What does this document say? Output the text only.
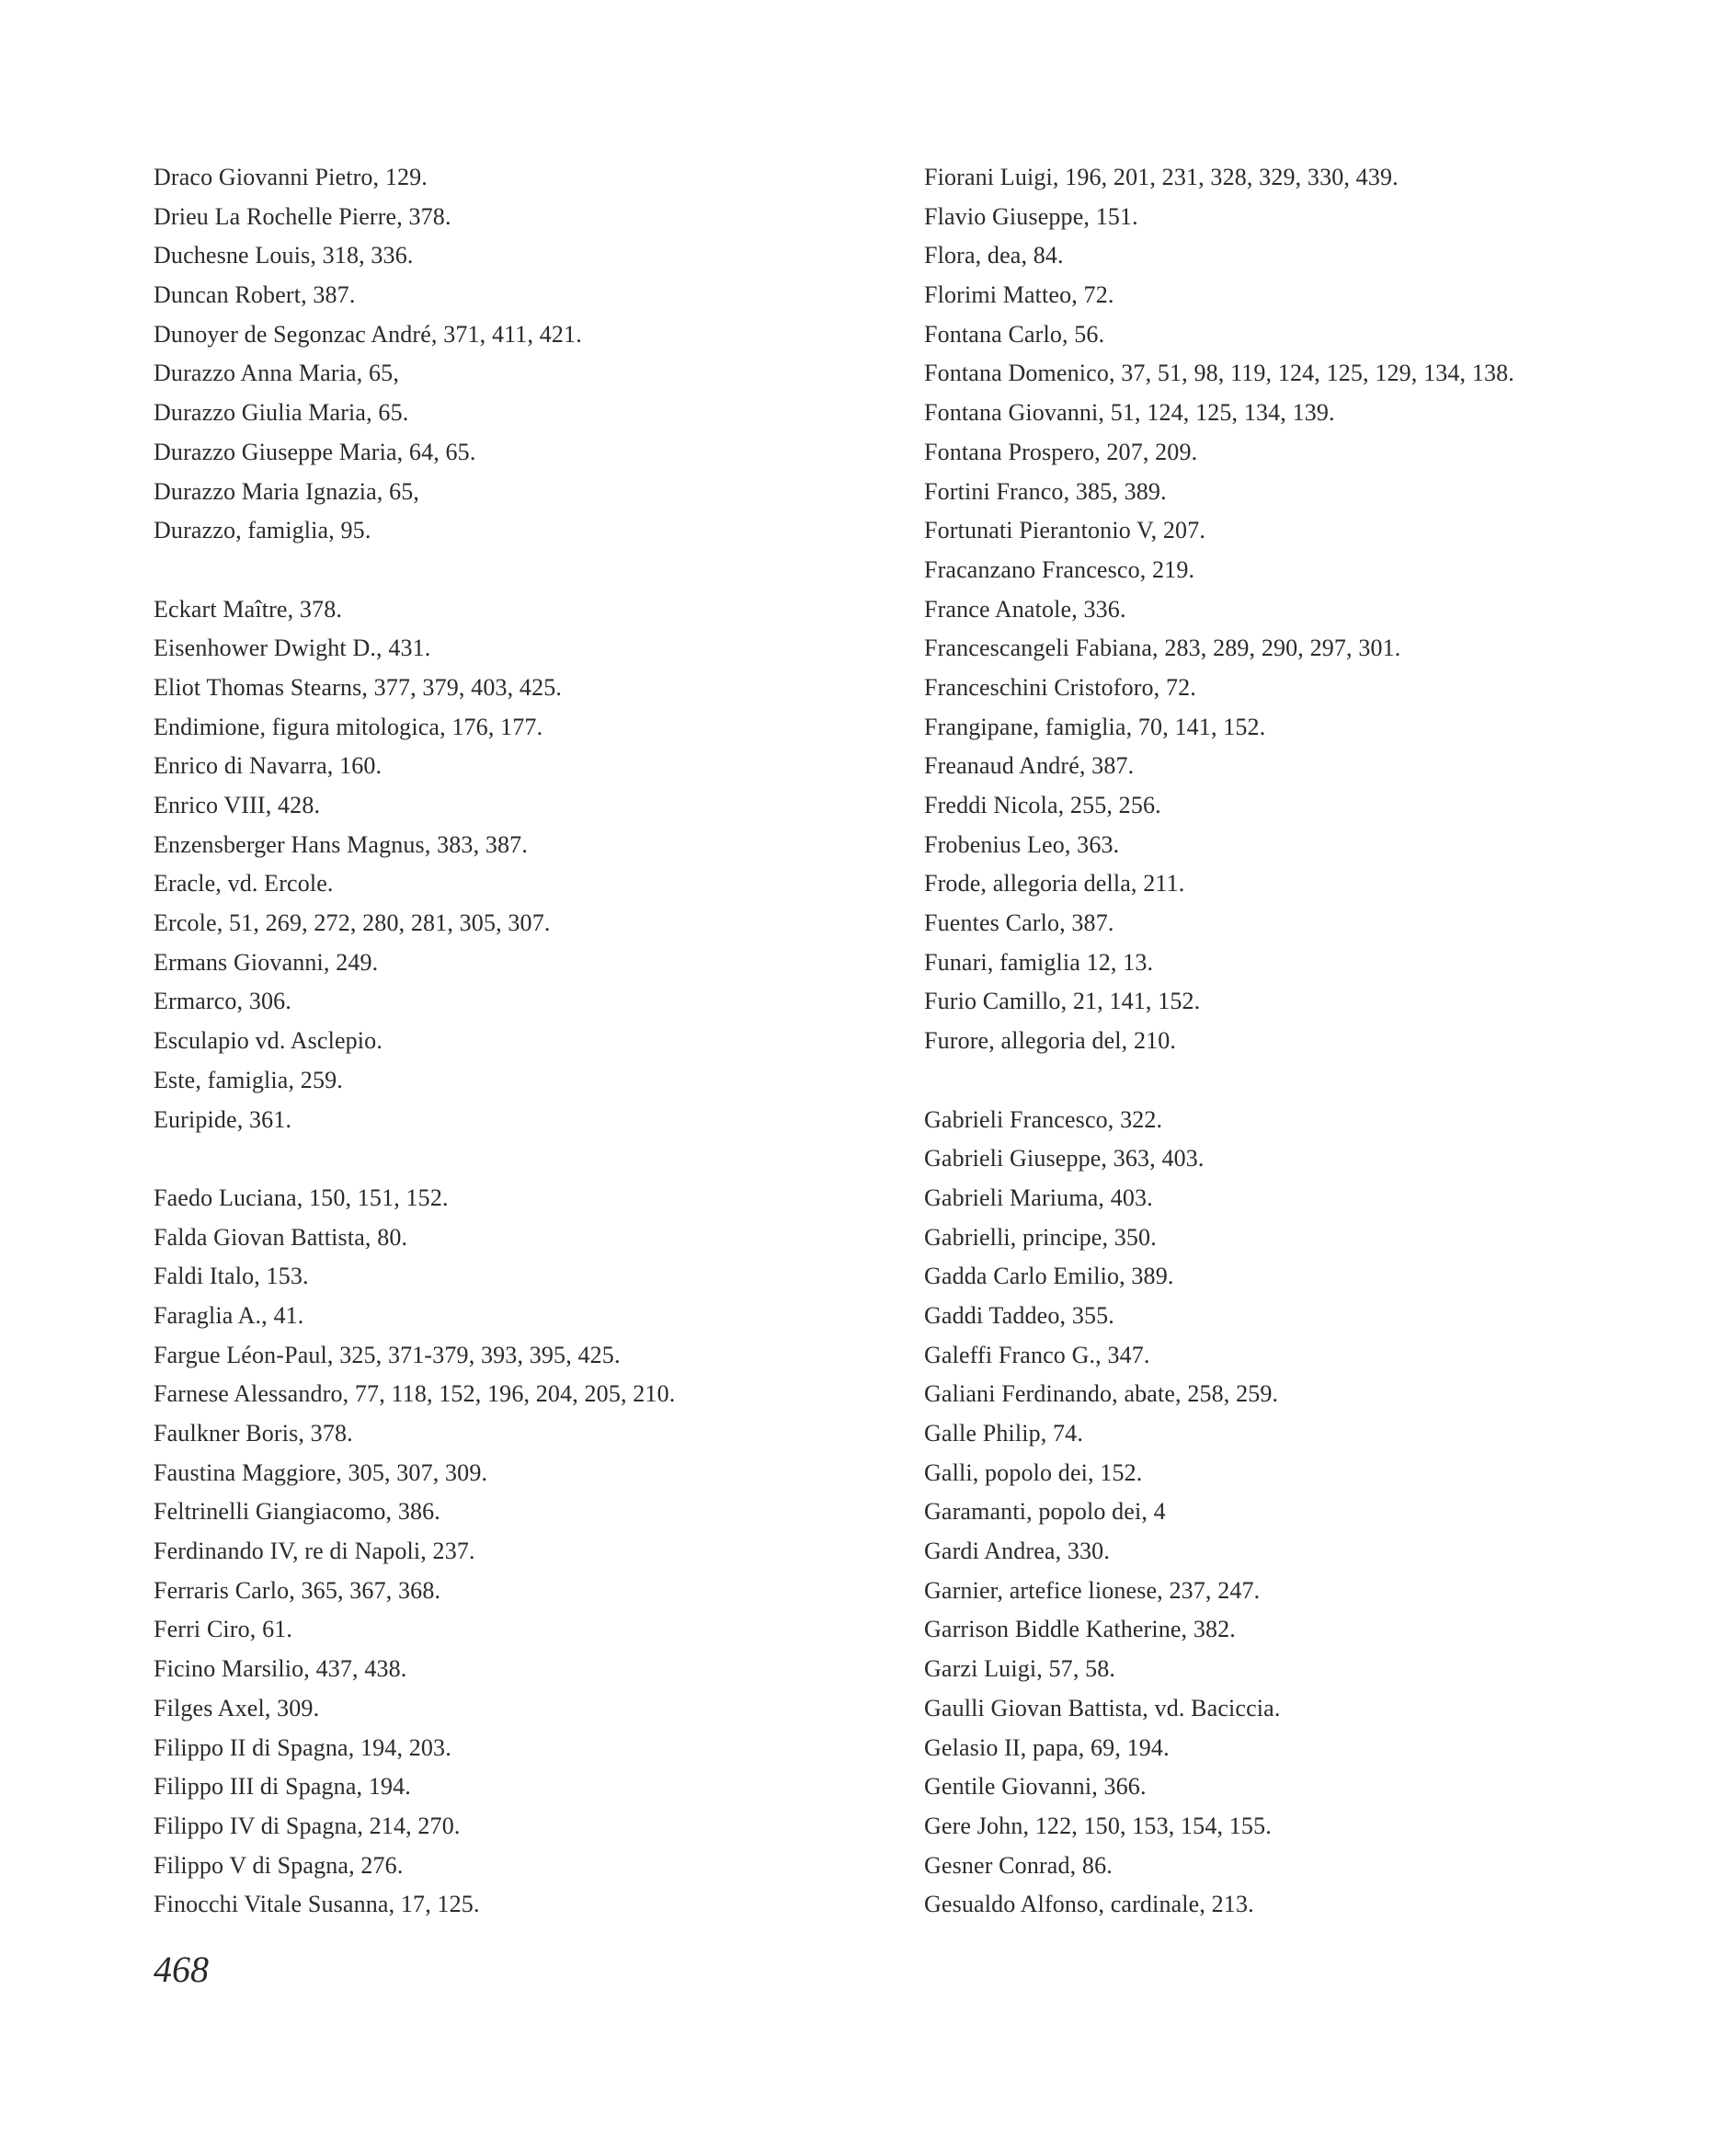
Draco Giovanni Pietro, 129.
Drieu La Rochelle Pierre, 378.
Duchesne Louis, 318, 336.
Duncan Robert, 387.
Dunoyer de Segonzac André, 371, 411, 421.
Durazzo Anna Maria, 65,
Durazzo Giulia Maria, 65.
Durazzo Giuseppe Maria, 64, 65.
Durazzo Maria Ignazia, 65,
Durazzo, famiglia, 95.
Eckart Maître, 378.
Eisenhower Dwight D., 431.
Eliot Thomas Stearns, 377, 379, 403, 425.
Endimione, figura mitologica, 176, 177.
Enrico di Navarra, 160.
Enrico VIII, 428.
Enzensberger Hans Magnus, 383, 387.
Eracle, vd. Ercole.
Ercole, 51, 269, 272, 280, 281, 305, 307.
Ermans Giovanni, 249.
Ermarco, 306.
Esculapio vd. Asclepio.
Este, famiglia, 259.
Euripide, 361.
Faedo Luciana, 150, 151, 152.
Falda Giovan Battista, 80.
Faldi Italo, 153.
Faraglia A., 41.
Fargue Léon-Paul, 325, 371-379, 393, 395, 425.
Farnese Alessandro, 77, 118, 152, 196, 204, 205, 210.
Faulkner Boris, 378.
Faustina Maggiore, 305, 307, 309.
Feltrinelli Giangiacomo, 386.
Ferdinando IV, re di Napoli, 237.
Ferraris Carlo, 365, 367, 368.
Ferri Ciro, 61.
Ficino Marsilio, 437, 438.
Filges Axel, 309.
Filippo II di Spagna, 194, 203.
Filippo III di Spagna, 194.
Filippo IV di Spagna, 214, 270.
Filippo V di Spagna, 276.
Finocchi Vitale Susanna, 17, 125.
Fiorani Luigi, 196, 201, 231, 328, 329, 330, 439.
Flavio Giuseppe, 151.
Flora, dea, 84.
Florimi Matteo, 72.
Fontana Carlo, 56.
Fontana Domenico, 37, 51, 98, 119, 124, 125, 129, 134, 138.
Fontana Giovanni, 51, 124, 125, 134, 139.
Fontana Prospero, 207, 209.
Fortini Franco, 385, 389.
Fortunati Pierantonio V, 207.
Fracanzano Francesco, 219.
France Anatole, 336.
Francescangeli Fabiana, 283, 289, 290, 297, 301.
Franceschini Cristoforo, 72.
Frangipane, famiglia, 70, 141, 152.
Freanaud André, 387.
Freddi Nicola, 255, 256.
Frobenius Leo, 363.
Frode, allegoria della, 211.
Fuentes Carlo, 387.
Funari, famiglia 12, 13.
Furio Camillo, 21, 141, 152.
Furore, allegoria del, 210.
Gabrieli Francesco, 322.
Gabrieli Giuseppe, 363, 403.
Gabrieli Mariuma, 403.
Gabrielli, principe, 350.
Gadda Carlo Emilio, 389.
Gaddi Taddeo, 355.
Galeffi Franco G., 347.
Galiani Ferdinando, abate, 258, 259.
Galle Philip, 74.
Galli, popolo dei, 152.
Garamanti, popolo dei, 4
Gardi Andrea, 330.
Garnier, artefice lionese, 237, 247.
Garrison Biddle Katherine, 382.
Garzi Luigi, 57, 58.
Gaulli Giovan Battista, vd. Baciccia.
Gelasio II, papa, 69, 194.
Gentile Giovanni, 366.
Gere John, 122, 150, 153, 154, 155.
Gesner Conrad, 86.
Gesualdo Alfonso, cardinale, 213.
468
